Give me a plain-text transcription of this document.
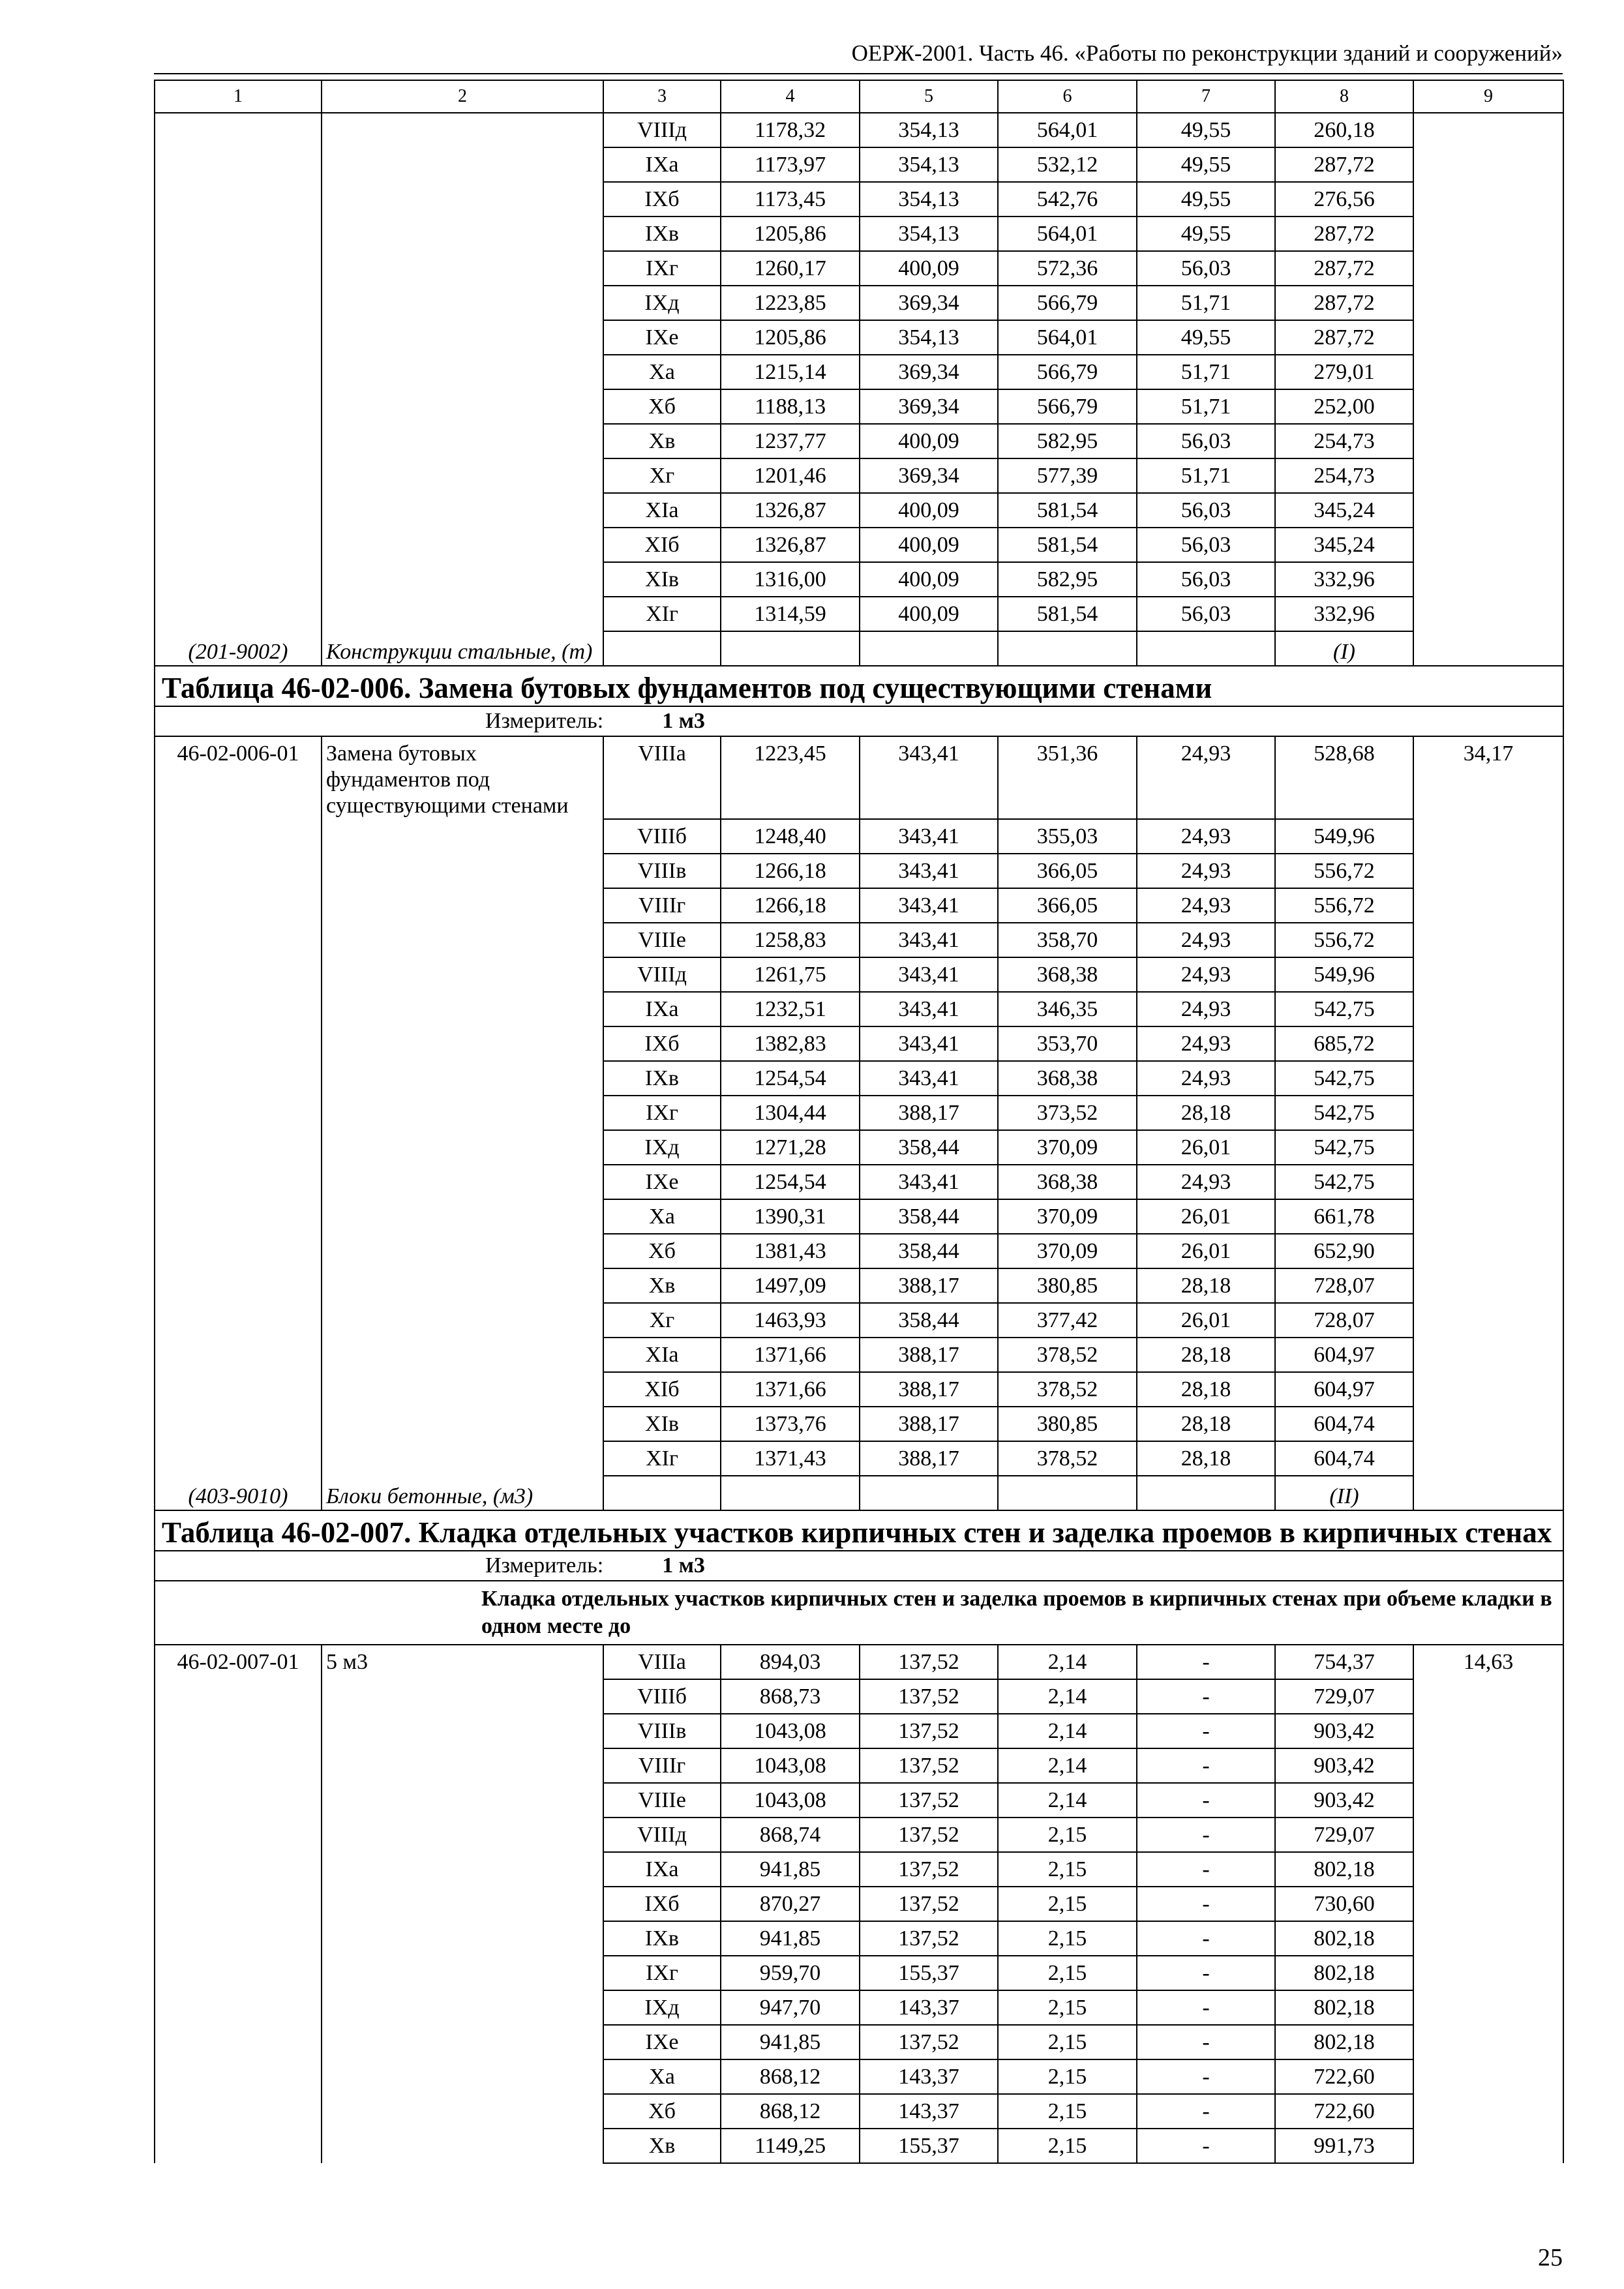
ОЕРЖ-2001. Часть 46. «Работы по реконструкции зданий и сооружений»
1	2	3	4	5	6	7	8	9
		VIIIд	1178,32	354,13	564,01	49,55	260,18	
		IXa	1173,97	354,13	532,12	49,55	287,72	
		IXб	1173,45	354,13	542,76	49,55	276,56	
		IXв	1205,86	354,13	564,01	49,55	287,72	
		IXг	1260,17	400,09	572,36	56,03	287,72	
		IXд	1223,85	369,34	566,79	51,71	287,72	
		IXe	1205,86	354,13	564,01	49,55	287,72	
		Xa	1215,14	369,34	566,79	51,71	279,01	
		Xб	1188,13	369,34	566,79	51,71	252,00	
		Xв	1237,77	400,09	582,95	56,03	254,73	
		Xг	1201,46	369,34	577,39	51,71	254,73	
		XIa	1326,87	400,09	581,54	56,03	345,24	
		XIб	1326,87	400,09	581,54	56,03	345,24	
		XIв	1316,00	400,09	582,95	56,03	332,96	
		XIг	1314,59	400,09	581,54	56,03	332,96	
(201-9002)	Конструкции стальные, (т)						(I)	
Таблица 46-02-006. Замена бутовых фундаментов под существующими стенами								
Измеритель: 1 м3								
46-02-006-01	Замена бутовых фундаментов под существующими стенами	VIIIa	1223,45	343,41	351,36	24,93	528,68	34,17
		VIIIб	1248,40	343,41	355,03	24,93	549,96	
		VIIIв	1266,18	343,41	366,05	24,93	556,72	
		VIIIг	1266,18	343,41	366,05	24,93	556,72	
		VIIIe	1258,83	343,41	358,70	24,93	556,72	
		VIIIд	1261,75	343,41	368,38	24,93	549,96	
		IXa	1232,51	343,41	346,35	24,93	542,75	
		IXб	1382,83	343,41	353,70	24,93	685,72	
		IXв	1254,54	343,41	368,38	24,93	542,75	
		IXг	1304,44	388,17	373,52	28,18	542,75	
		IXд	1271,28	358,44	370,09	26,01	542,75	
		IXe	1254,54	343,41	368,38	24,93	542,75	
		Xa	1390,31	358,44	370,09	26,01	661,78	
		Xб	1381,43	358,44	370,09	26,01	652,90	
		Xв	1497,09	388,17	380,85	28,18	728,07	
		Xг	1463,93	358,44	377,42	26,01	728,07	
		XIa	1371,66	388,17	378,52	28,18	604,97	
		XIб	1371,66	388,17	378,52	28,18	604,97	
		XIв	1373,76	388,17	380,85	28,18	604,74	
		XIг	1371,43	388,17	378,52	28,18	604,74	
(403-9010)	Блоки бетонные, (м3)						(II)	
Таблица 46-02-007. Кладка отдельных участков кирпичных стен и заделка проемов в кирпичных стенах								
Измеритель: 1 м3								
Кладка отдельных участков кирпичных стен и заделка проемов в кирпичных стенах при объеме кладки в одном месте до								
46-02-007-01	5 м3	VIIIa	894,03	137,52	2,14	-	754,37	14,63
		VIIIб	868,73	137,52	2,14	-	729,07	
		VIIIв	1043,08	137,52	2,14	-	903,42	
		VIIIг	1043,08	137,52	2,14	-	903,42	
		VIIIe	1043,08	137,52	2,14	-	903,42	
		VIIIд	868,74	137,52	2,15	-	729,07	
		IXa	941,85	137,52	2,15	-	802,18	
		IXб	870,27	137,52	2,15	-	730,60	
		IXв	941,85	137,52	2,15	-	802,18	
		IXг	959,70	155,37	2,15	-	802,18	
		IXд	947,70	143,37	2,15	-	802,18	
		IXe	941,85	137,52	2,15	-	802,18	
		Xa	868,12	143,37	2,15	-	722,60	
		Xб	868,12	143,37	2,15	-	722,60	
		Xв	1149,25	155,37	2,15	-	991,73	
25
